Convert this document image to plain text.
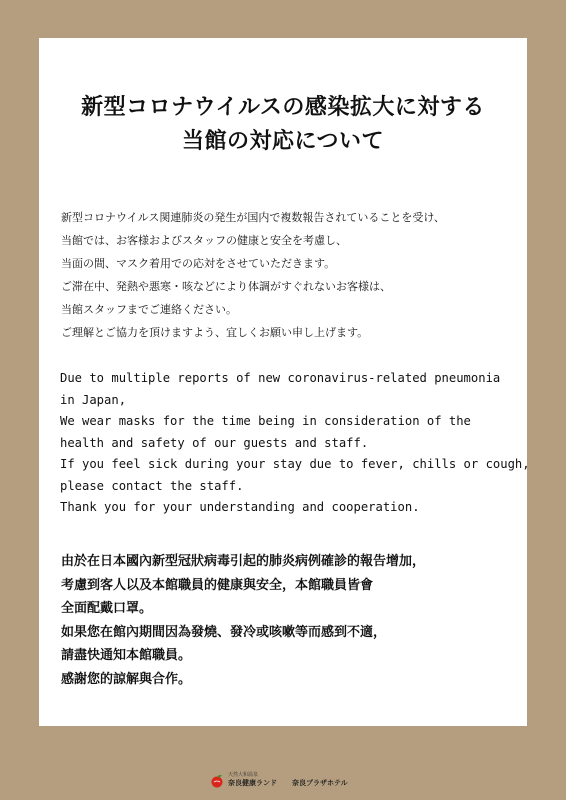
新型コロナウイルスの感染拡大に対する
当館の対応について

新型コロナウイルス関連肺炎の発生が国内で複数報告されていることを受け、

当館では、お客様およびスタッフの健康と安全を考慮し、

当面の間、マスク着用での応対をさせていただきます。

ご滞在中、発熱や悪寒・咳などにより体調がすぐれないお客様は、

当館スタッフまでご連絡ください。

ご理解とご協力を頂けますよう、宜しくお願い申し上げます。

Due to multiple reports of new coronavirus-related pneumonia

in Japan,

We wear masks for the time being in consideration of the

health and safety of our guests and staff.

If you feel sick during your stay due to fever, chills or cough,

please contact the staff.

Thank you for your understanding and cooperation.

由於在日本國內新型冠狀病毒引起的肺炎病例確診的報告增加，

考慮到客人以及本館職員的健康與安全，本館職員皆會

全面配戴口罩。

如果您在館內期間因為發燒、發冷或咳嗽等而感到不適，

請盡快通知本館職員。

感謝您的諒解與合作。

天然大和温泉
奈良健康ランド 奈良プラザホテル
